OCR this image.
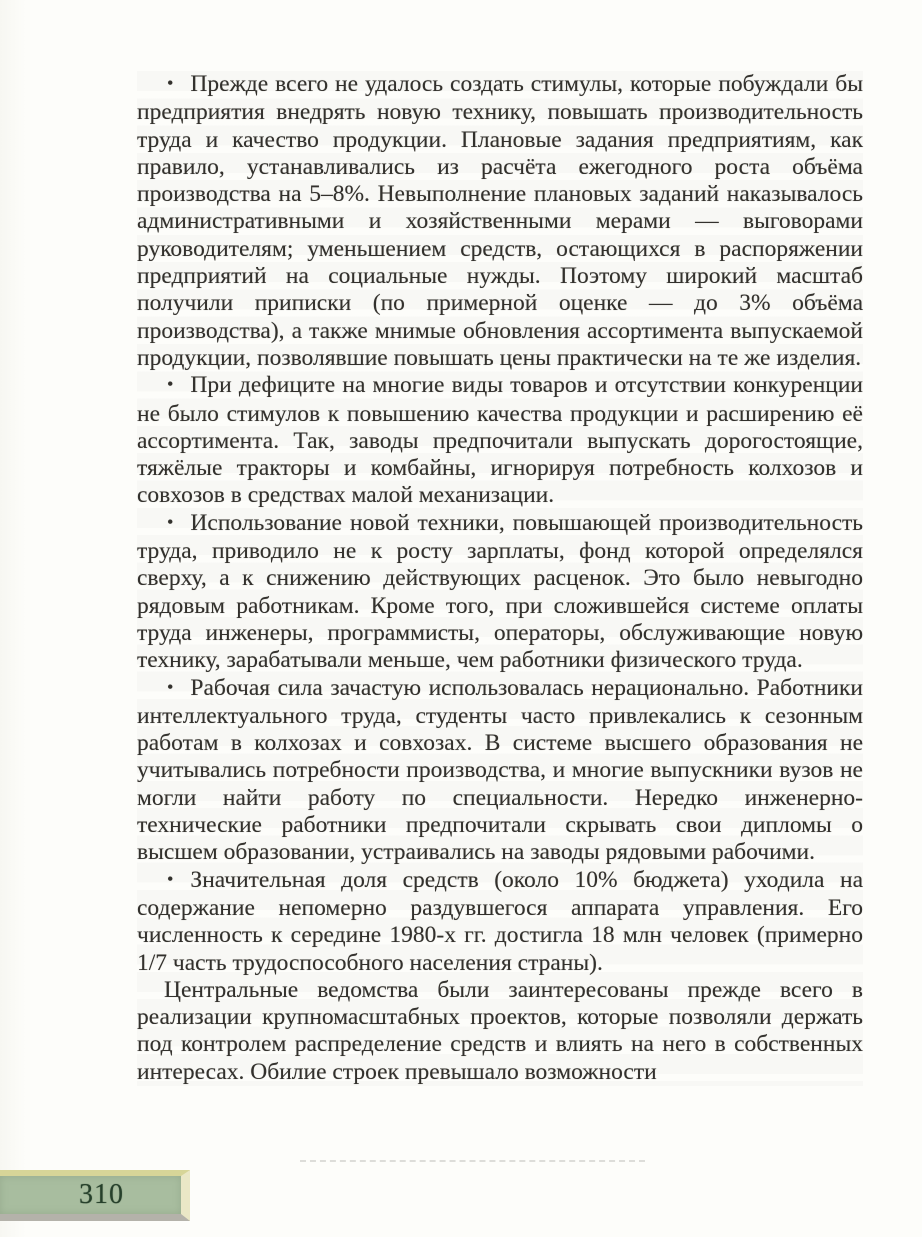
• Прежде всего не удалось создать стимулы, которые побуждали бы предприятия внедрять новую технику, повышать производительность труда и качество продукции. Плановые задания предприятиям, как правило, устанавливались из расчёта ежегодного роста объёма производства на 5–8%. Невыполнение плановых заданий наказывалось административными и хозяйственными мерами — выговорами руководителям; уменьшением средств, остающихся в распоряжении предприятий на социальные нужды. Поэтому широкий масштаб получили приписки (по примерной оценке — до 3% объёма производства), а также мнимые обновления ассортимента выпускаемой продукции, позволявшие повышать цены практически на те же изделия.

• При дефиците на многие виды товаров и отсутствии конкуренции не было стимулов к повышению качества продукции и расширению её ассортимента. Так, заводы предпочитали выпускать дорогостоящие, тяжёлые тракторы и комбайны, игнорируя потребность колхозов и совхозов в средствах малой механизации.

• Использование новой техники, повышающей производительность труда, приводило не к росту зарплаты, фонд которой определялся сверху, а к снижению действующих расценок. Это было невыгодно рядовым работникам. Кроме того, при сложившейся системе оплаты труда инженеры, программисты, операторы, обслуживающие новую технику, зарабатывали меньше, чем работники физического труда.

• Рабочая сила зачастую использовалась нерационально. Работники интеллектуального труда, студенты часто привлекались к сезонным работам в колхозах и совхозах. В системе высшего образования не учитывались потребности производства, и многие выпускники вузов не могли найти работу по специальности. Нередко инженерно-технические работники предпочитали скрывать свои дипломы о высшем образовании, устраивались на заводы рядовыми рабочими.

• Значительная доля средств (около 10% бюджета) уходила на содержание непомерно раздувшегося аппарата управления. Его численность к середине 1980-х гг. достигла 18 млн человек (примерно 1/7 часть трудоспособного населения страны).

Центральные ведомства были заинтересованы прежде всего в реализации крупномасштабных проектов, которые позволяли держать под контролем распределение средств и влиять на него в собственных интересах. Обилие строек превышало возможности

310
